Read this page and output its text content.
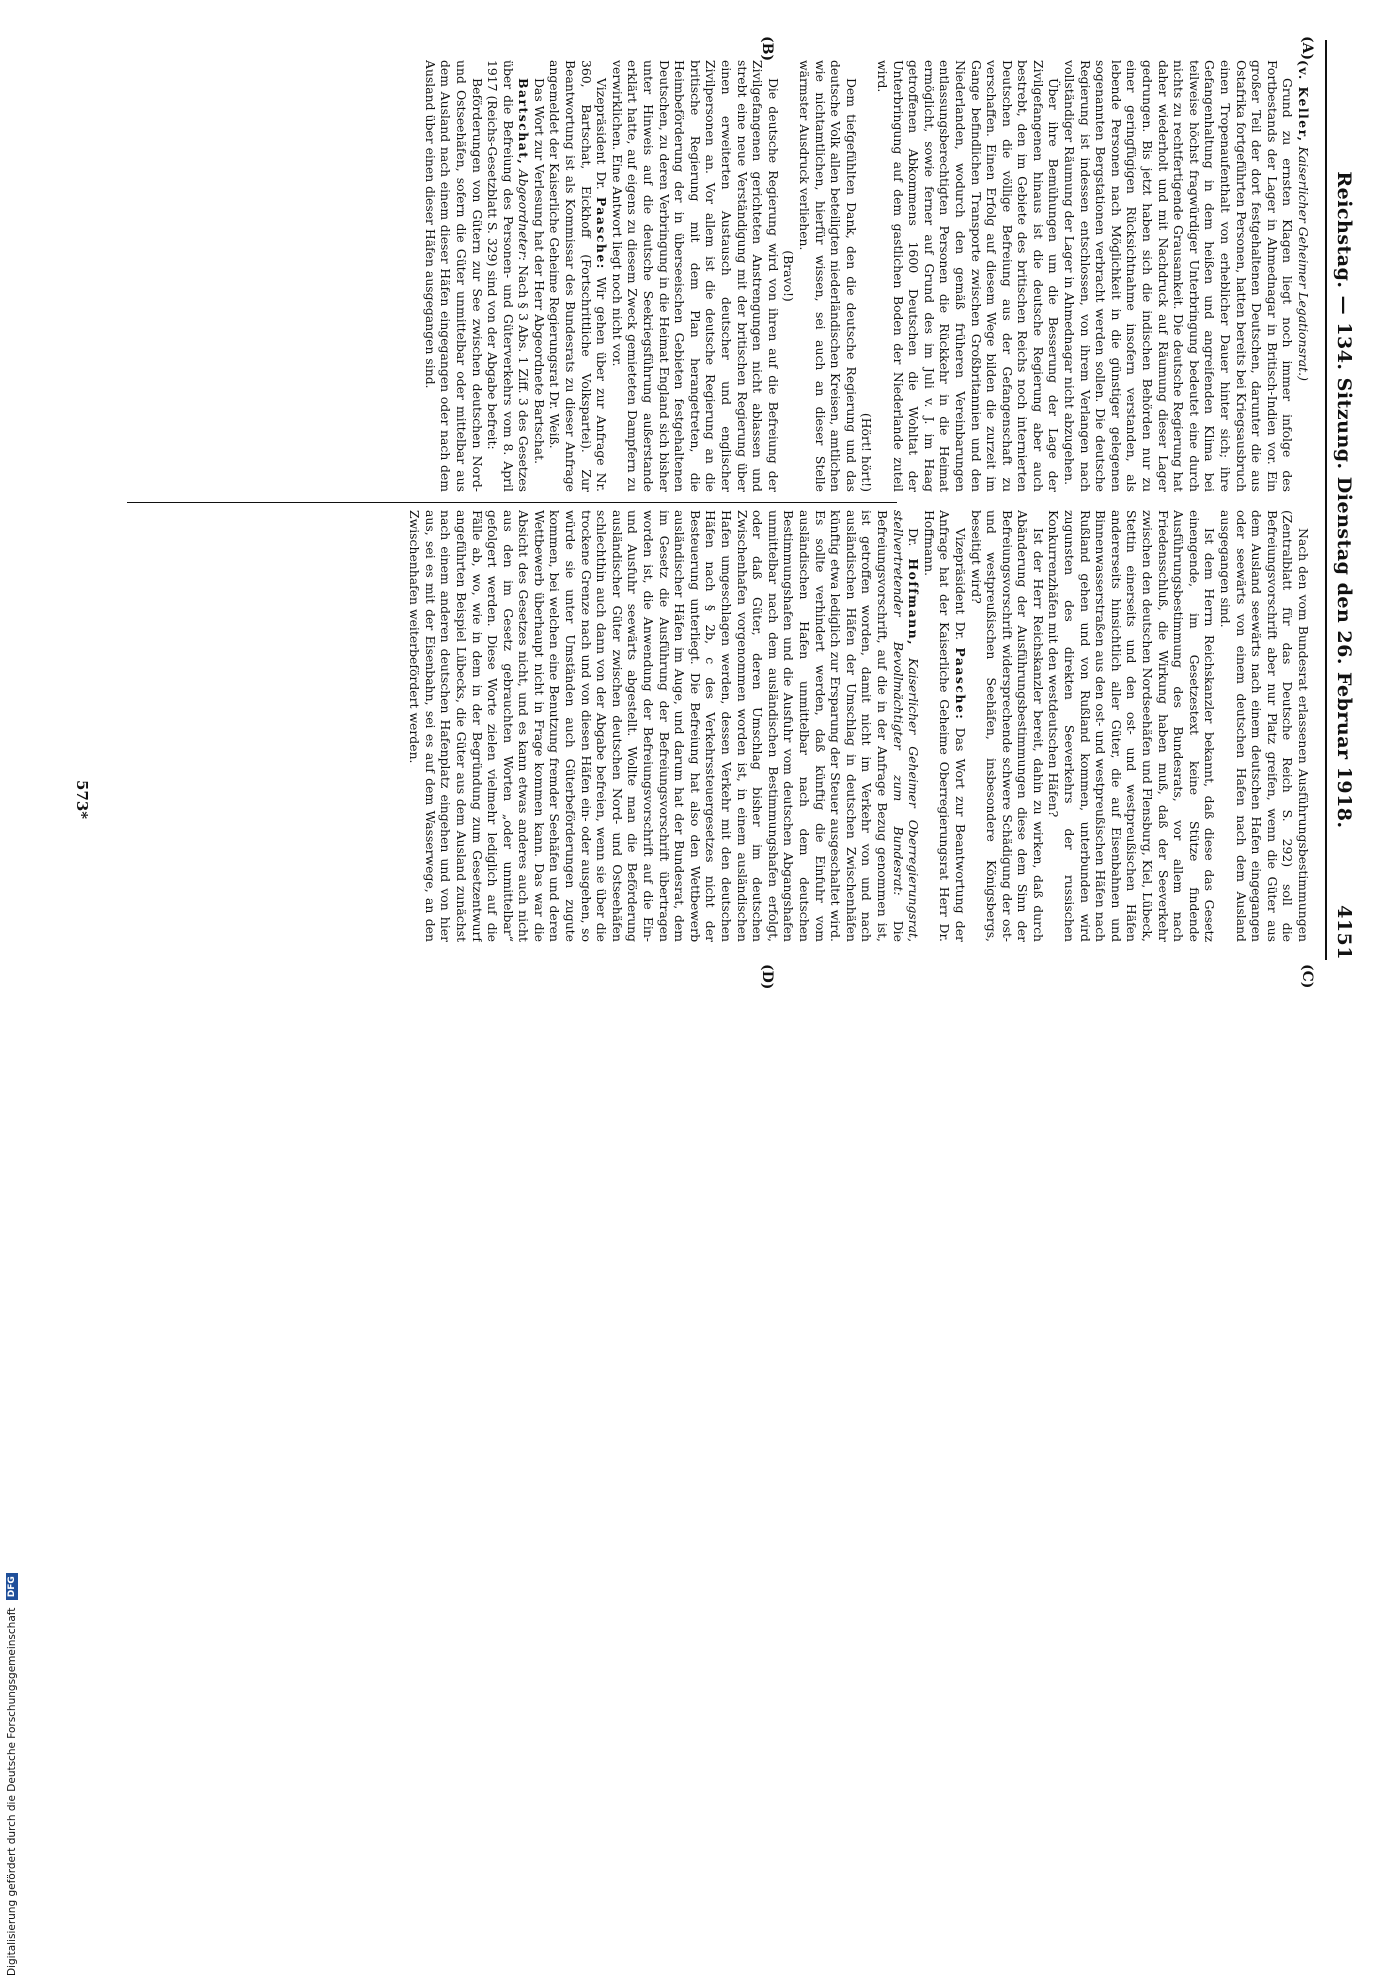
Reichstag. — 134. Sitzung. Dienstag den 26. Februar 1918.
4151
(A)
(B)
(C)
(D)

(v. Keller, Kaiserlicher Geheimer Legationsrat.)

Grund zu ernsten Klagen liegt noch immer infolge des Fortbestands der Lager in Ahmednagar in Britisch-Indien vor. Ein großer Teil der dort festgehaltenen Deutschen, darunter die aus Ostafrika fortgeführten Personen, hatten bereits bei Kriegsausbruch einen Tropenaufenthalt von erheblicher Dauer hinter sich; ihre Gefangenhaltung in dem heißen und angreifenden Klima bei teilweise höchst fragwürdiger Unterbringung bedeutet eine durch nichts zu rechtfertigende Grausamkeit. Die deutsche Regierung hat daher wiederholt und mit Nachdruck auf Räumung dieser Lager gedrungen. Bis jetzt haben sich die indischen Behörden nur zu einer geringfügigen Rücksichtnahme insofern verstanden, als lebende Personen nach Möglichkeit in die günstiger gelegenen sogenannten Bergstationen verbracht werden sollen. Die deutsche Regierung ist indessen entschlossen, von ihrem Verlangen nach vollständiger Räumung der Lager in Ahmednagar nicht abzugehen.

Über ihre Bemühungen um die Besserung der Lage der Zivilgefangenen hinaus ist die deutsche Regierung aber auch bestrebt, den im Gebiete des britischen Reichs noch internierten Deutschen die völlige Befreiung aus der Gefangenschaft zu verschaffen. Einen Erfolg auf diesem Wege bilden die zurzeit im Gange befindlichen Transporte zwischen Großbritannien und den Niederlanden, wodurch den gemäß früheren Vereinbarungen entlassungsberechtigten Personen die Rückkehr in die Heimat ermöglicht, sowie ferner auf Grund des im Juli v. J. im Haag getroffenen Abkommens 1600 Deutschen die Wohltat der Unterbringung auf dem gastlichen Boden der Niederlande zuteil wird.

(Hört! hört!)

Dem tiefgefühlten Dank, den die deutsche Regierung und das deutsche Volk allen beteiligten niederländischen Kreisen, amtlichen wie nichtamtlichen, hierfür wissen, sei auch an dieser Stelle wärmster Ausdruck verliehen.

(Bravo!)

Die deutsche Regierung wird von ihren auf die Befreiung der Zivilgefangenen gerichteten Anstrengungen nicht ablassen und strebt eine neue Verständigung mit der britischen Regierung über einen erweiterten Austausch deutscher und englischer Zivilpersonen an. Vor allem ist die deutsche Regierung an die britische Regierung mit dem Plan herangetreten, die Heimbeförderung der in überseeischen Gebieten festgehaltenen Deutschen, zu deren Verbringung in die Heimat England sich bisher unter Hinweis auf die deutsche Seekriegsführung außerstande erklärt hatte, auf eigens zu diesem Zweck gemieteten Dampfern zu verwirklichen. Eine Antwort liegt noch nicht vor.

Vizepräsident Dr. Paasche: Wir gehen über zur Anfrage Nr. 360, Bartschat, Eickhoff (Fortschrittliche Volkspartei). Zur Beantwortung ist als Kommissar des Bundesrats zu dieser Anfrage angemeldet der Kaiserliche Geheime Regierungsrat Dr. Weiß.

Das Wort zur Verlesung hat der Herr Abgeordnete Bartschat.

Bartschat, Abgeordneter: Nach § 3 Abs. 1 Ziff. 3 des Gesetzes über die Befreiung des Personen- und Güterverkehrs vom 8. April 1917 (Reichs-Gesetzblatt S. 329) sind von der Abgabe befreit:

Beförderungen von Gütern zur See zwischen deutschen Nord- und Ostseehäfen, sofern die Güter unmittelbar oder mittelbar aus dem Ausland nach einem dieser Häfen eingegangen oder nach dem Ausland über einen dieser Häfen ausgegangen sind.

Nach den vom Bundesrat erlassenen Ausführungsbestimmungen (Zentralblatt für das Deutsche Reich S. 292) soll die Befreiungsvorschrift aber nur Platz greifen, wenn die Güter aus dem Ausland seewärts nach einem deutschen Hafen eingegangen oder seewärts von einem deutschen Hafen nach dem Ausland ausgegangen sind.

Ist dem Herrn Reichskanzler bekannt, daß diese das Gesetz einengende, im Gesetzestext keine Stütze findende Ausführungsbestimmung des Bundesrats, vor allem nach Friedensschluß, die Wirkung haben muß, daß der Seeverkehr zwischen den deutschen Nordseehäfen und Flensburg, Kiel, Lübeck, Stettin einerseits und den ost- und westpreußischen Häfen andererseits hinsichtlich aller Güter, die auf Eisenbahnen und Binnenwasserstraßen aus den ost- und westpreußischen Häfen nach Rußland gehen und von Rußland kommen, unterbunden wird zugunsten des direkten Seeverkehrs der russischen Konkurrenzhäfen mit den westdeutschen Häfen?

Ist der Herr Reichskanzler bereit, dahin zu wirken, daß durch Abänderung der Ausführungsbestimmungen diese dem Sinn der Befreiungsvorschrift widersprechende schwere Schädigung der ost- und westpreußischen Seehäfen, insbesondere Königsbergs, beseitigt wird?

Vizepräsident Dr. Paasche: Das Wort zur Beantwortung der Anfrage hat der Kaiserliche Geheime Oberregierungsrat Herr Dr. Hoffmann.

Dr. Hoffmann, Kaiserlicher Geheimer Oberregierungsrat, stellvertretender Bevollmächtigter zum Bundesrat: Die Befreiungsvorschrift, auf die in der Anfrage Bezug genommen ist, ist getroffen worden, damit nicht im Verkehr von und nach ausländischen Häfen der Umschlag in deutschen Zwischenhäfen künftig etwa lediglich zur Ersparung der Steuer ausgeschaltet wird. Es sollte verhindert werden, daß künftig die Einfuhr vom ausländischen Hafen unmittelbar nach dem deutschen Bestimmungshafen und die Ausfuhr vom deutschen Abgangshafen unmittelbar nach dem ausländischen Bestimmungshafen erfolgt, oder daß Güter, deren Umschlag bisher im deutschen Zwischenhafen vorgenommen worden ist, in einem ausländischen Hafen umgeschlagen werden, dessen Verkehr mit den deutschen Häfen nach § 2b, c des Verkehrssteuergesetzes nicht der Besteuerung unterliegt. Die Befreiung hat also den Wettbewerb ausländischer Häfen im Auge, und darum hat der Bundesrat, dem im Gesetz die Ausführung der Befreiungsvorschrift übertragen worden ist, die Anwendung der Befreiungsvorschrift auf die Ein- und Ausfuhr seewärts abgestellt. Wollte man die Beförderung ausländischer Güter zwischen deutschen Nord- und Ostseehäfen schlechthin auch dann von der Abgabe befreien, wenn sie über die trockene Grenze nach und von diesen Häfen ein- oder ausgehen, so würde sie unter Umständen auch Güterbeförderungen zugute kommen, bei welchen eine Benutzung fremder Seehäfen und deren Wettbewerb überhaupt nicht in Frage kommen kann. Das war die Absicht des Gesetzes nicht, und es kann etwas anderes auch nicht aus den im Gesetz gebrauchten Worten „oder unmittelbar“ gefolgert werden. Diese Worte zielen vielmehr lediglich auf die Fälle ab, wo, wie in dem in der Begründung zum Gesetzentwurf angeführten Beispiel Lübecks, die Güter aus dem Ausland zunächst nach einem anderen deutschen Hafenplatz eingehen und von hier aus, sei es mit der Eisenbahn, sei es auf dem Wasserwege, an den Zwischenhafen weiterbefördert werden.

573*
Digitalisierung gefördert durch die Deutsche Forschungsgemeinschaft DFG
